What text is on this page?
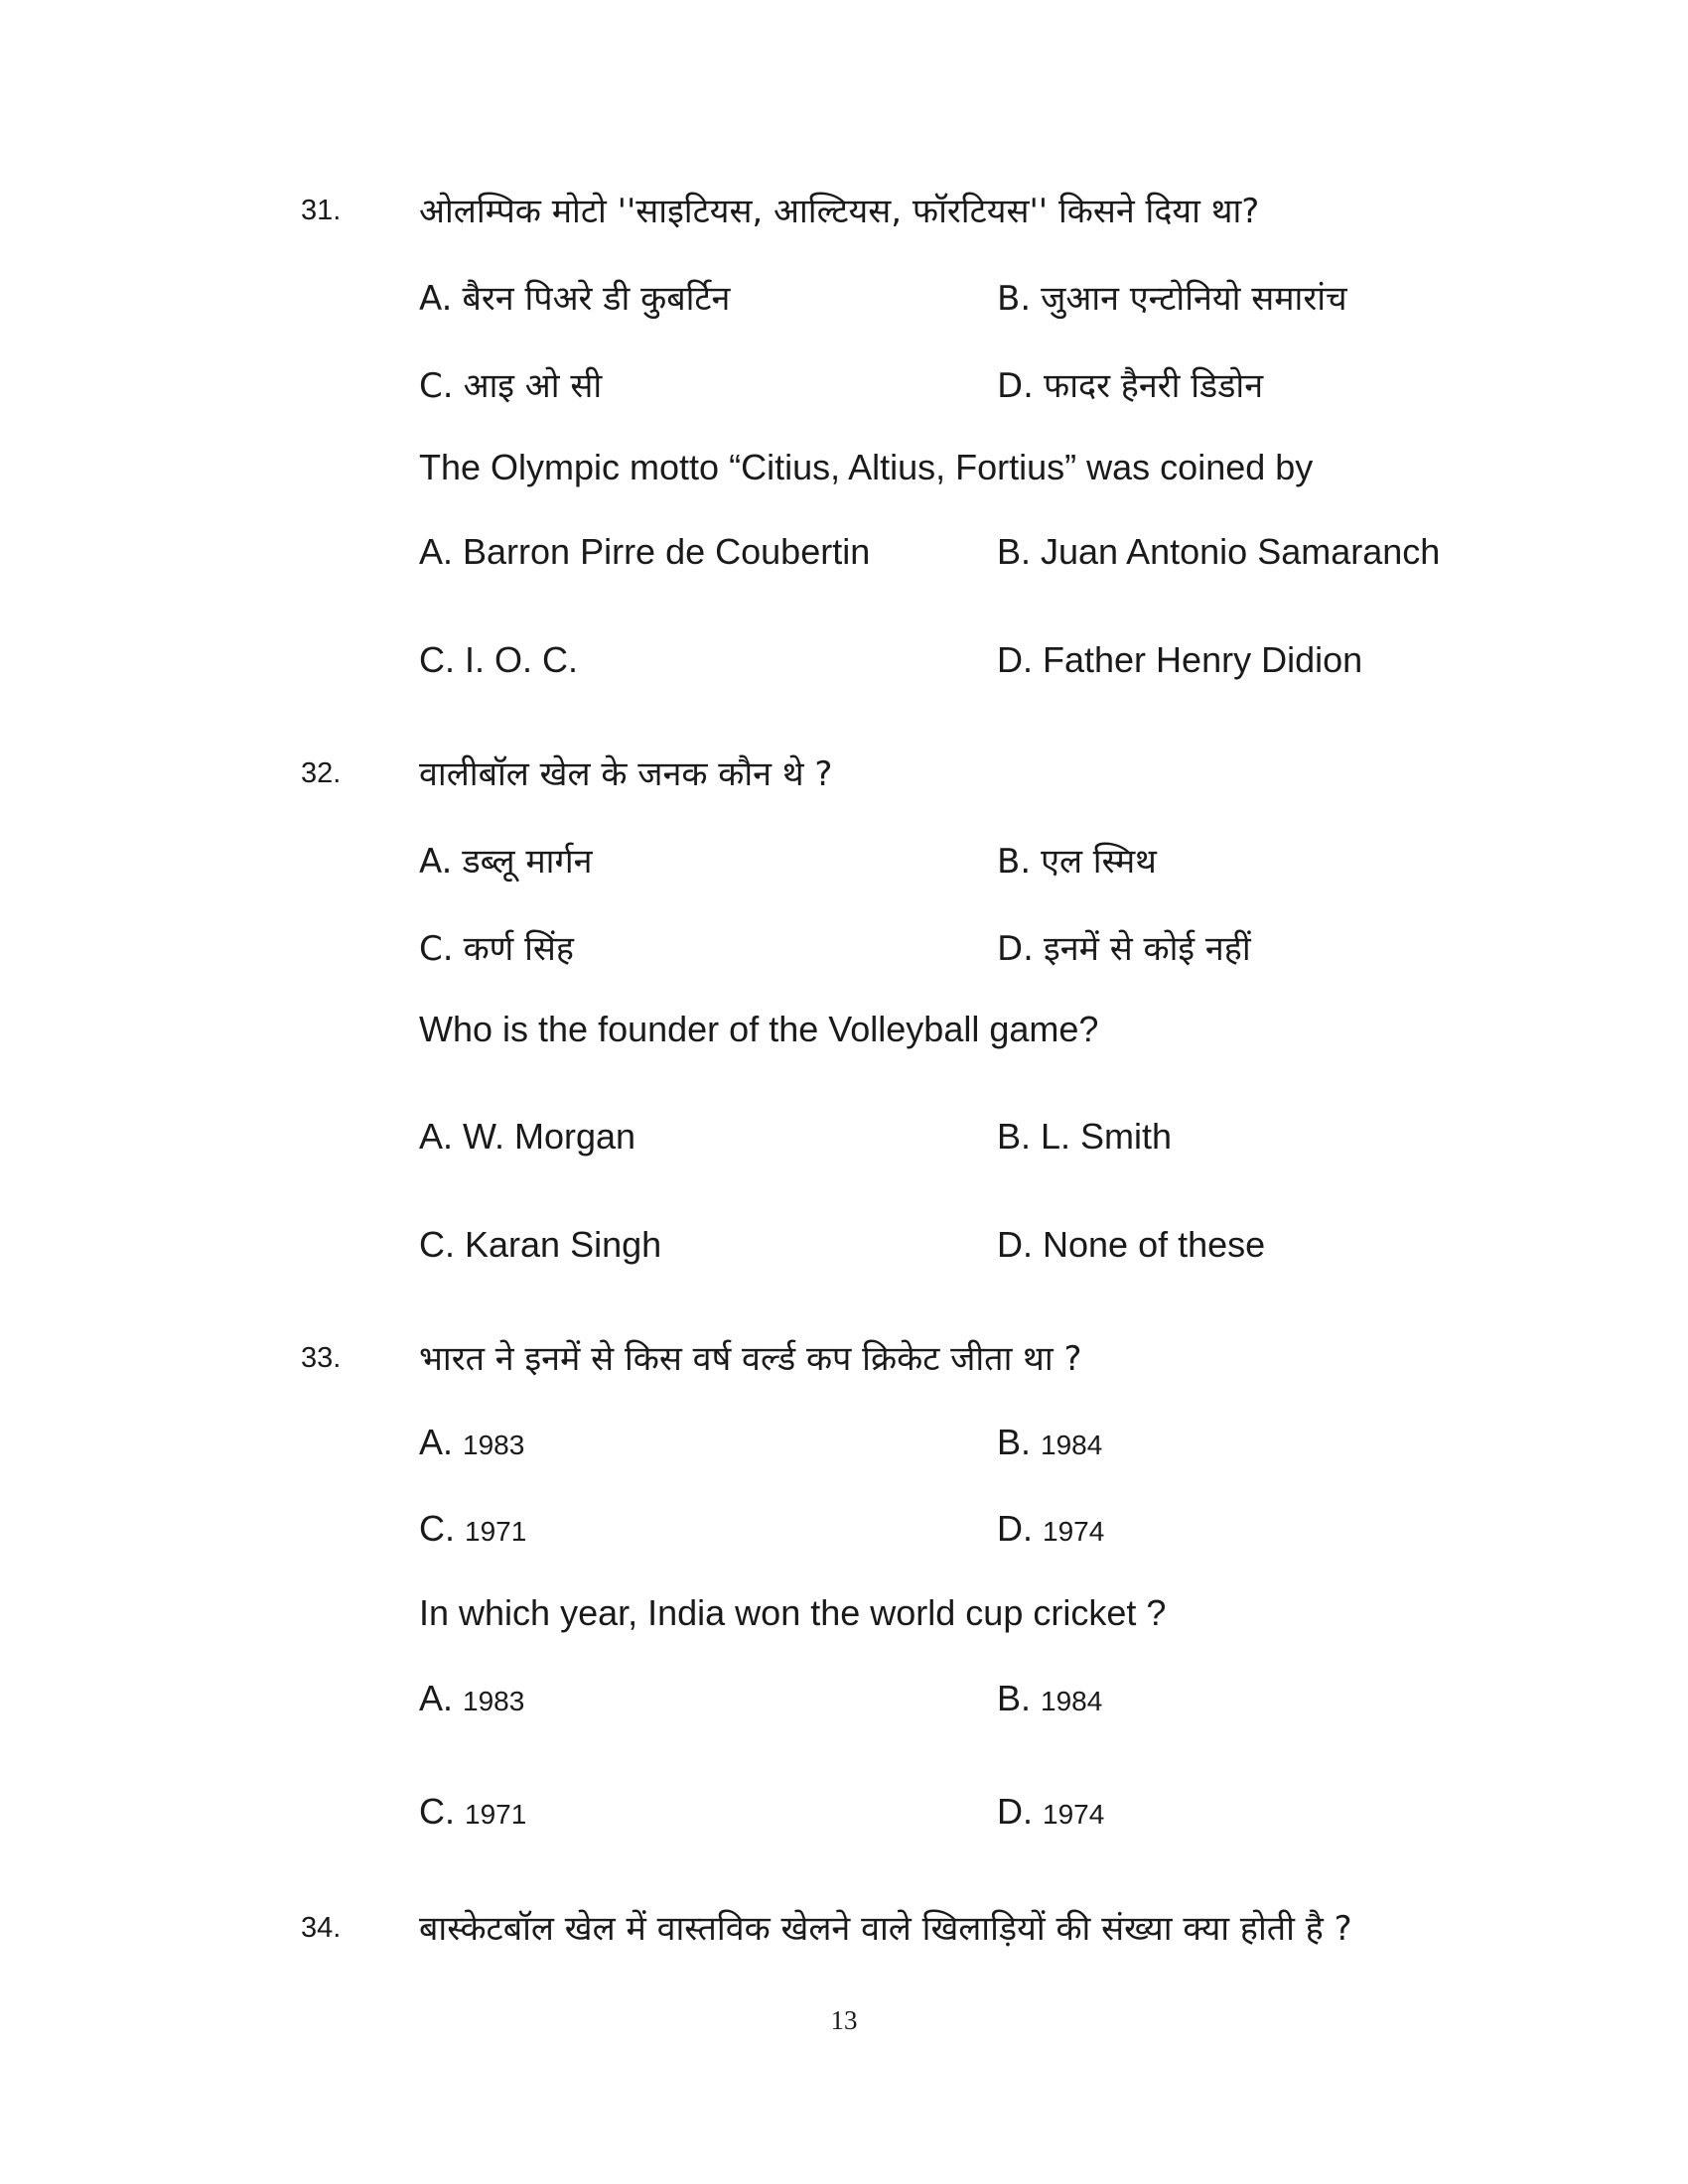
31. ओलम्पिक मोटो ''साइटियस, आल्टियस, फॉरटियस'' किसने दिया था?
A. बैरन पिअरे डी कुबर्टिन	B. जुआन एन्टोनियो समारांच
C. आइ ओ सी	D. फादर हैनरी डिडोन
The Olympic motto “Citius, Altius, Fortius” was coined by
A. Barron Pirre de Coubertin	B. Juan Antonio Samaranch
C. I. O. C.	D. Father Henry Didion
32. वालीबॉल खेल के जनक कौन थे ?
A. डब्लू मार्गन	B. एल स्मिथ
C. कर्ण सिंह	D. इनमें से कोई नहीं
Who is the founder of the Volleyball game?
A. W. Morgan	B. L. Smith
C. Karan Singh	D. None of these
33. भारत ने इनमें से किस वर्ष वर्ल्ड कप क्रिकेट जीता था ?
A. 1983	B. 1984
C. 1971	D. 1974
In which year, India won the world cup cricket ?
A. 1983	B. 1984
C. 1971	D. 1974
34. बास्केटबॉल खेल में वास्तविक खेलने वाले खिलाड़ियों की संख्या क्या होती है ?
13
